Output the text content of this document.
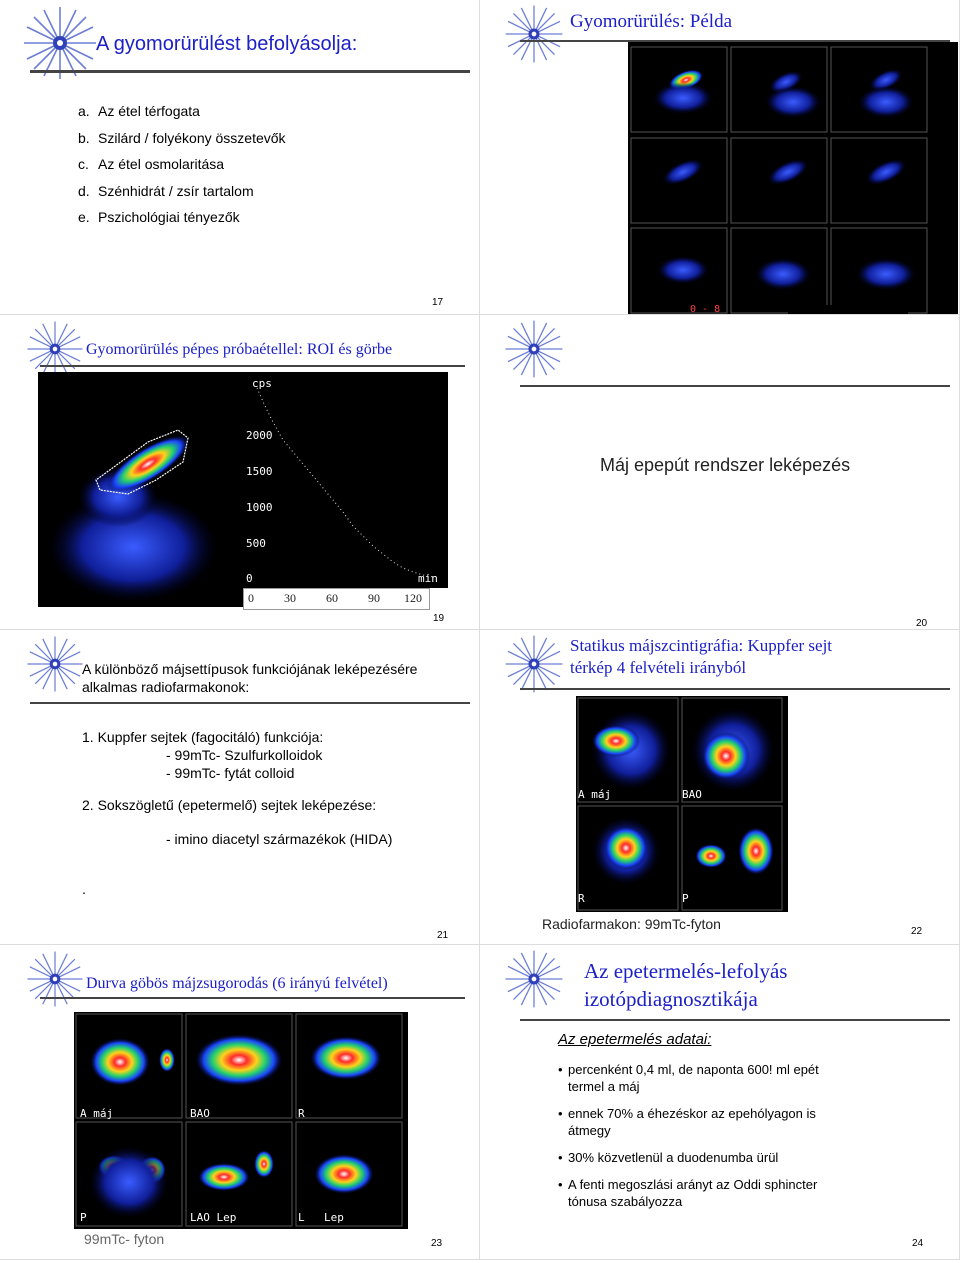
A gyomorürülést befolyásolja:
a. Az étel térfogata
b. Szilárd / folyékony összetevők
c. Az étel osmolaritása
d. Szénhidrát / zsír tartalom
e. Pszichológiai tényezők
17
Gyomorürülés: Példa
0 - 8
Gyomorürülés pépes próbaétellel: ROI és görbe
cps
2000
1500
1000
500
0	min
0	30	60	90 120
19
Máj epepút rendszer leképezés
20
A különböző májsettípusok funkciójának leképezésére
alkalmas radiofarmakonok:
1. Kuppfer sejtek (fagocitáló) funkciója:
- 99mTc- Szulfurkolloidok
- 99mTc- fytát colloid
2. Sokszögletű (epetermelő) sejtek leképezése:
- imino diacetyl származékok (HIDA)
.
21
Statikus májszcintigráfia: Kuppfer sejt
térkép 4 felvételi irányból
A máj	BAO
R	P
Radiofarmakon: 99mTc-fyton	22
Durva göbös májzsugorodás (6 irányú felvétel)
A máj	BAO	R
P	LAO Lep	L Lep
99mTc- fyton	23
Az epetermelés-lefolyás
izotópdiagnosztikája
Az epetermelés adatai:
• percenként 0,4 ml, de naponta 600! ml epét
termel a máj
• ennek 70% a éhezéskor az epehólyagon is
átmegy
• 30% közvetlenül a duodenumba ürül
• A fenti megoszlási arányt az Oddi sphincter
tónusa szabályozza
24
